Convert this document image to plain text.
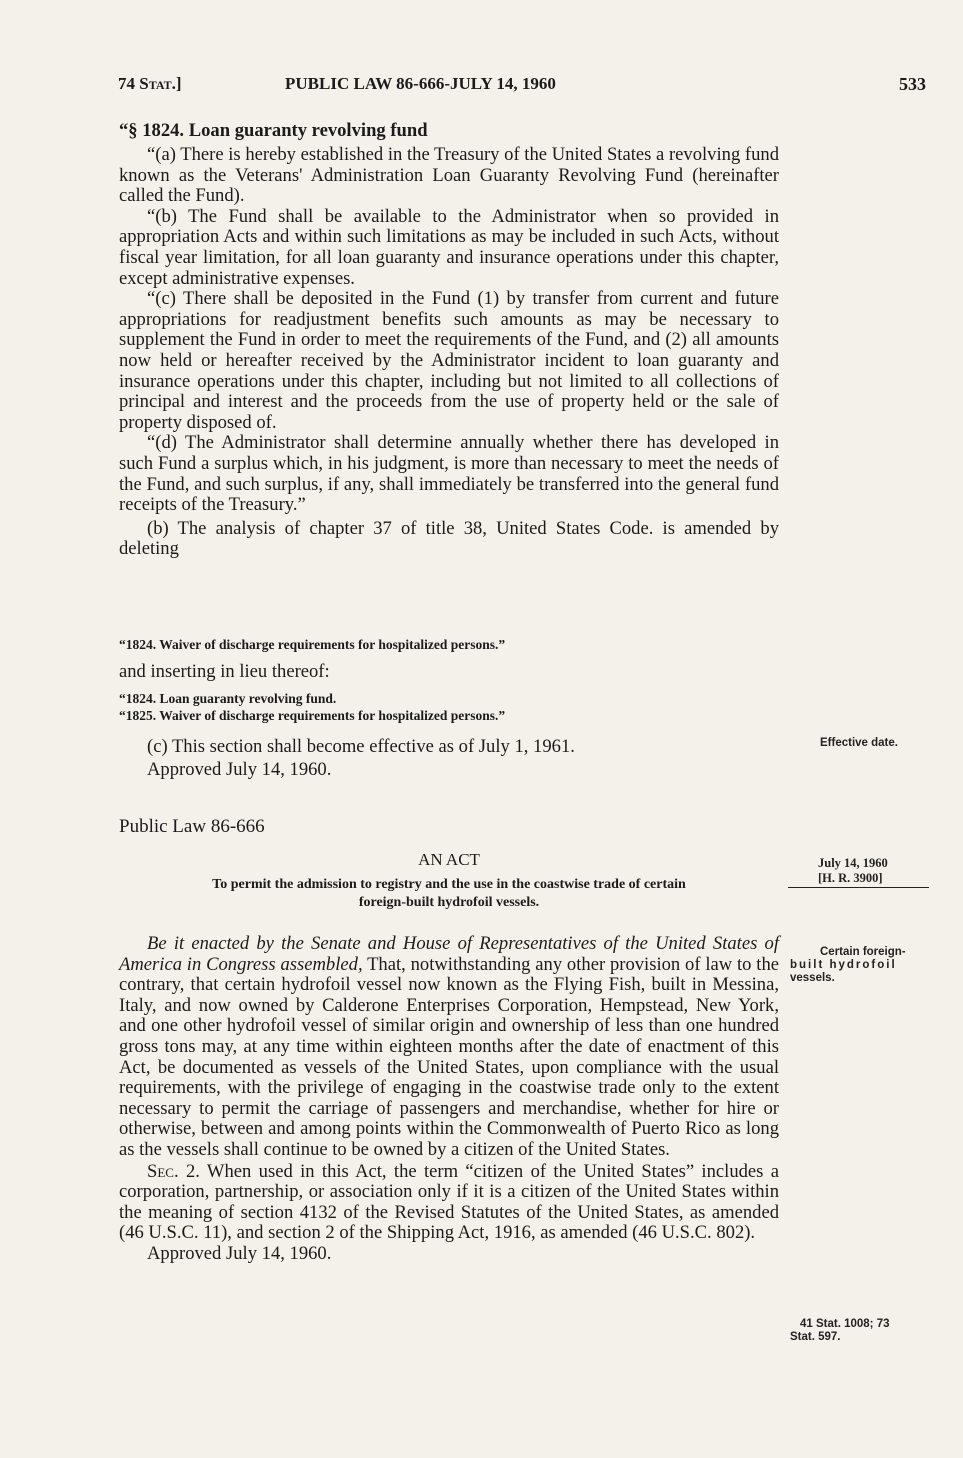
74 Stat.]	PUBLIC LAW 86-666-JULY 14, 1960	533
“§ 1824. Loan guaranty revolving fund

“(a) There is hereby established in the Treasury of the United States a revolving fund known as the Veterans' Administration Loan Guaranty Revolving Fund (hereinafter called the Fund).

“(b) The Fund shall be available to the Administrator when so provided in appropriation Acts and within such limitations as may be included in such Acts, without fiscal year limitation, for all loan guaranty and insurance operations under this chapter, except administrative expenses.

“(c) There shall be deposited in the Fund (1) by transfer from current and future appropriations for readjustment benefits such amounts as may be necessary to supplement the Fund in order to meet the requirements of the Fund, and (2) all amounts now held or hereafter received by the Administrator incident to loan guaranty and insurance operations under this chapter, including but not limited to all collections of principal and interest and the proceeds from the use of property held or the sale of property disposed of.

“(d) The Administrator shall determine annually whether there has developed in such Fund a surplus which, in his judgment, is more than necessary to meet the needs of the Fund, and such surplus, if any, shall immediately be transferred into the general fund receipts of the Treasury.”

(b) The analysis of chapter 37 of title 38, United States Code. is amended by deleting

“1824. Waiver of discharge requirements for hospitalized persons.”
and inserting in lieu thereof:
“1824. Loan guaranty revolving fund.
“1825. Waiver of discharge requirements for hospitalized persons.”

(c) This section shall become effective as of July 1, 1961.

Approved July 14, 1960.

Public Law 86-666
AN ACT
To permit the admission to registry and the use in the coastwise trade of certain
foreign-built hydrofoil vessels.

Be it enacted by the Senate and House of Representatives of the United States of America in Congress assembled, That, notwithstanding any other provision of law to the contrary, that certain hydrofoil vessel now known as the Flying Fish, built in Messina, Italy, and now owned by Calderone Enterprises Corporation, Hempstead, New York, and one other hydrofoil vessel of similar origin and ownership of less than one hundred gross tons may, at any time within eighteen months after the date of enactment of this Act, be documented as vessels of the United States, upon compliance with the usual requirements, with the privilege of engaging in the coastwise trade only to the extent necessary to permit the carriage of passengers and merchandise, whether for hire or otherwise, between and among points within the Commonwealth of Puerto Rico as long as the vessels shall continue to be owned by a citizen of the United States.

Sec. 2. When used in this Act, the term “citizen of the United States” includes a corporation, partnership, or association only if it is a citizen of the United States within the meaning of section 4132 of the Revised Statutes of the United States, as amended (46 U.S.C. 11), and section 2 of the Shipping Act, 1916, as amended (46 U.S.C. 802).

Approved July 14, 1960.

Effective date.
July 14, 1960
[H. R. 3900]
Certain foreign-
built hydrofoil
vessels.
41 Stat. 1008; 73
Stat. 597.
